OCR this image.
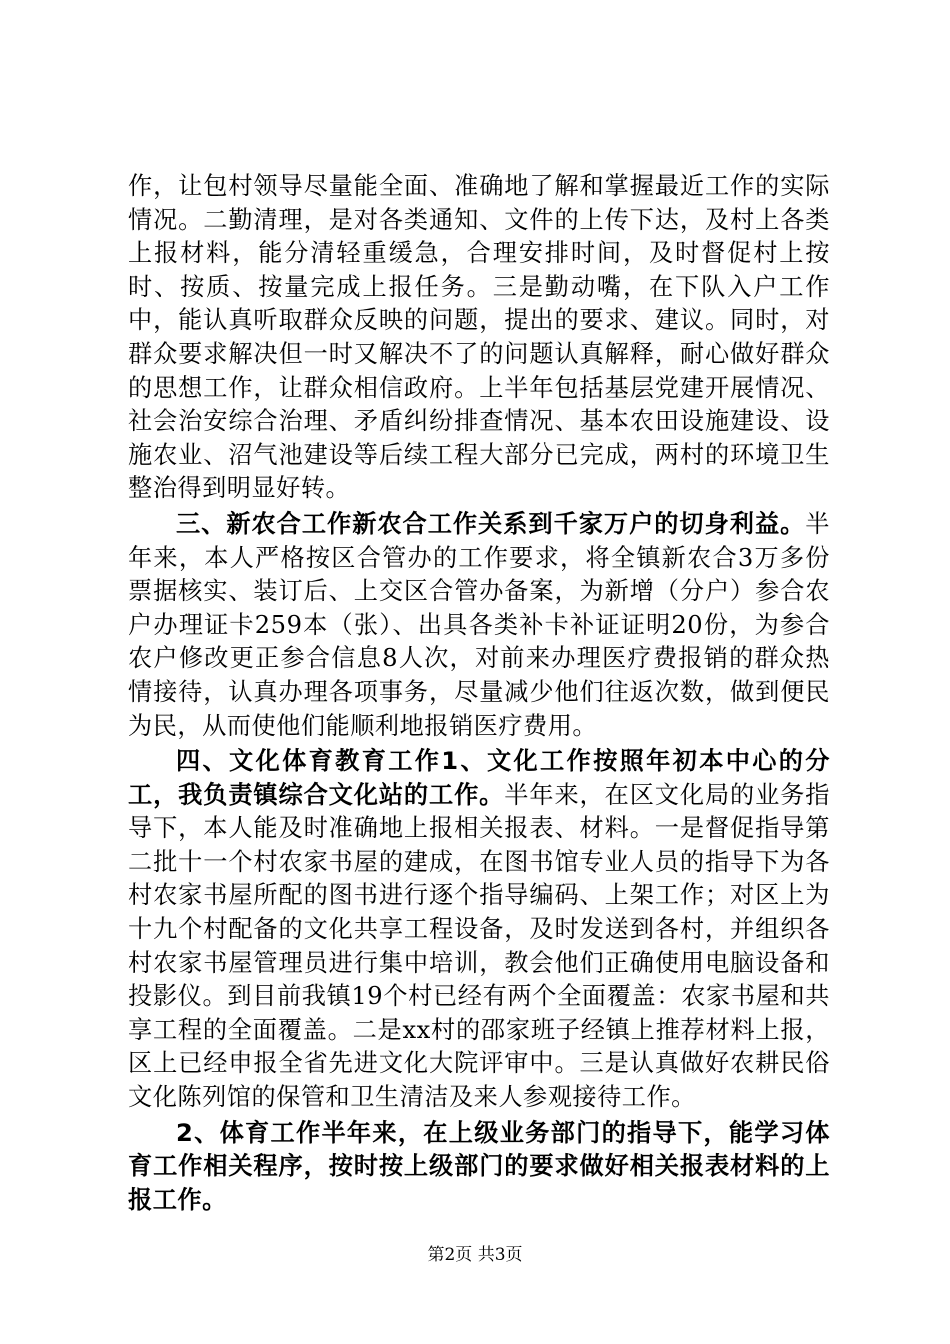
作，让包村领导尽量能全面、准确地了解和掌握最近工作的实际情况。二勤清理，是对各类通知、文件的上传下达，及村上各类上报材料，能分清轻重缓急，合理安排时间，及时督促村上按时、按质、按量完成上报任务。三是勤动嘴，在下队入户工作中，能认真听取群众反映的问题，提出的要求、建议。同时，对群众要求解决但一时又解决不了的问题认真解释，耐心做好群众的思想工作，让群众相信政府。上半年包括基层党建开展情况、社会治安综合治理、矛盾纠纷排查情况、基本农田设施建设、设施农业、沼气池建设等后续工程大部分已完成，两村的环境卫生整治得到明显好转。

三、新农合工作新农合工作关系到千家万户的切身利益。半年来，本人严格按区合管办的工作要求，将全镇新农合3万多份票据核实、装订后、上交区合管办备案，为新增（分户）参合农户办理证卡259本（张）、出具各类补卡补证证明20份，为参合农户修改更正参合信息8人次，对前来办理医疗费报销的群众热情接待，认真办理各项事务，尽量减少他们往返次数，做到便民为民，从而使他们能顺利地报销医疗费用。

四、文化体育教育工作1、文化工作按照年初本中心的分工，我负责镇综合文化站的工作。半年来，在区文化局的业务指导下，本人能及时准确地上报相关报表、材料。一是督促指导第二批十一个村农家书屋的建成，在图书馆专业人员的指导下为各村农家书屋所配的图书进行逐个指导编码、上架工作；对区上为十九个村配备的文化共享工程设备，及时发送到各村，并组织各村农家书屋管理员进行集中培训，教会他们正确使用电脑设备和投影仪。到目前我镇19个村已经有两个全面覆盖：农家书屋和共享工程的全面覆盖。二是xx村的邵家班子经镇上推荐材料上报，区上已经申报全省先进文化大院评审中。三是认真做好农耕民俗文化陈列馆的保管和卫生清洁及来人参观接待工作。

2、体育工作半年来，在上级业务部门的指导下，能学习体育工作相关程序，按时按上级部门的要求做好相关报表材料的上报工作。

第2页 共3页
